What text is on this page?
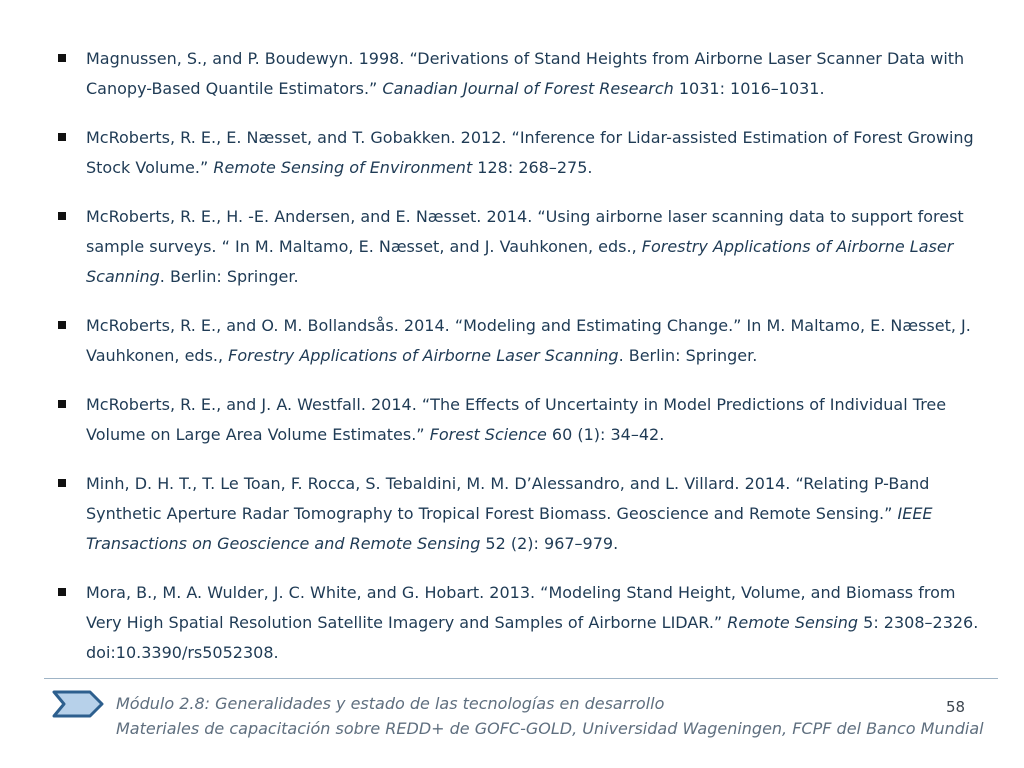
Magnussen, S., and P. Boudewyn. 1998. “Derivations of Stand Heights from Airborne Laser Scanner Data with Canopy-Based Quantile Estimators.” Canadian Journal of Forest Research 1031: 1016–1031.
McRoberts, R. E., E. Næsset, and T. Gobakken. 2012. “Inference for Lidar-assisted Estimation of Forest Growing Stock Volume.” Remote Sensing of Environment 128: 268–275.
McRoberts, R. E., H. -E. Andersen, and E. Næsset. 2014. “Using airborne laser scanning data to support forest sample surveys. “ In M. Maltamo, E. Næsset, and J. Vauhkonen, eds., Forestry Applications of Airborne Laser Scanning. Berlin: Springer.
McRoberts, R. E., and O. M. Bollandsås. 2014. “Modeling and Estimating Change.” In M. Maltamo, E. Næsset, J. Vauhkonen, eds., Forestry Applications of Airborne Laser Scanning. Berlin: Springer.
McRoberts, R. E., and J. A. Westfall. 2014. “The Effects of Uncertainty in Model Predictions of Individual Tree Volume on Large Area Volume Estimates.” Forest Science 60 (1): 34–42.
Minh, D. H. T., T. Le Toan, F. Rocca, S. Tebaldini, M. M. D’Alessandro, and L. Villard. 2014. “Relating P-Band Synthetic Aperture Radar Tomography to Tropical Forest Biomass. Geoscience and Remote Sensing.” IEEE Transactions on Geoscience and Remote Sensing 52 (2): 967–979.
Mora, B., M. A. Wulder, J. C. White, and G. Hobart. 2013. “Modeling Stand Height, Volume, and Biomass from Very High Spatial Resolution Satellite Imagery and Samples of Airborne LIDAR.” Remote Sensing 5: 2308–2326. doi:10.3390/rs5052308.
Módulo 2.8: Generalidades y estado de las tecnologías en desarrollo
Materiales de capacitación sobre REDD+ de GOFC-GOLD, Universidad Wageningen, FCPF del Banco Mundial
58
